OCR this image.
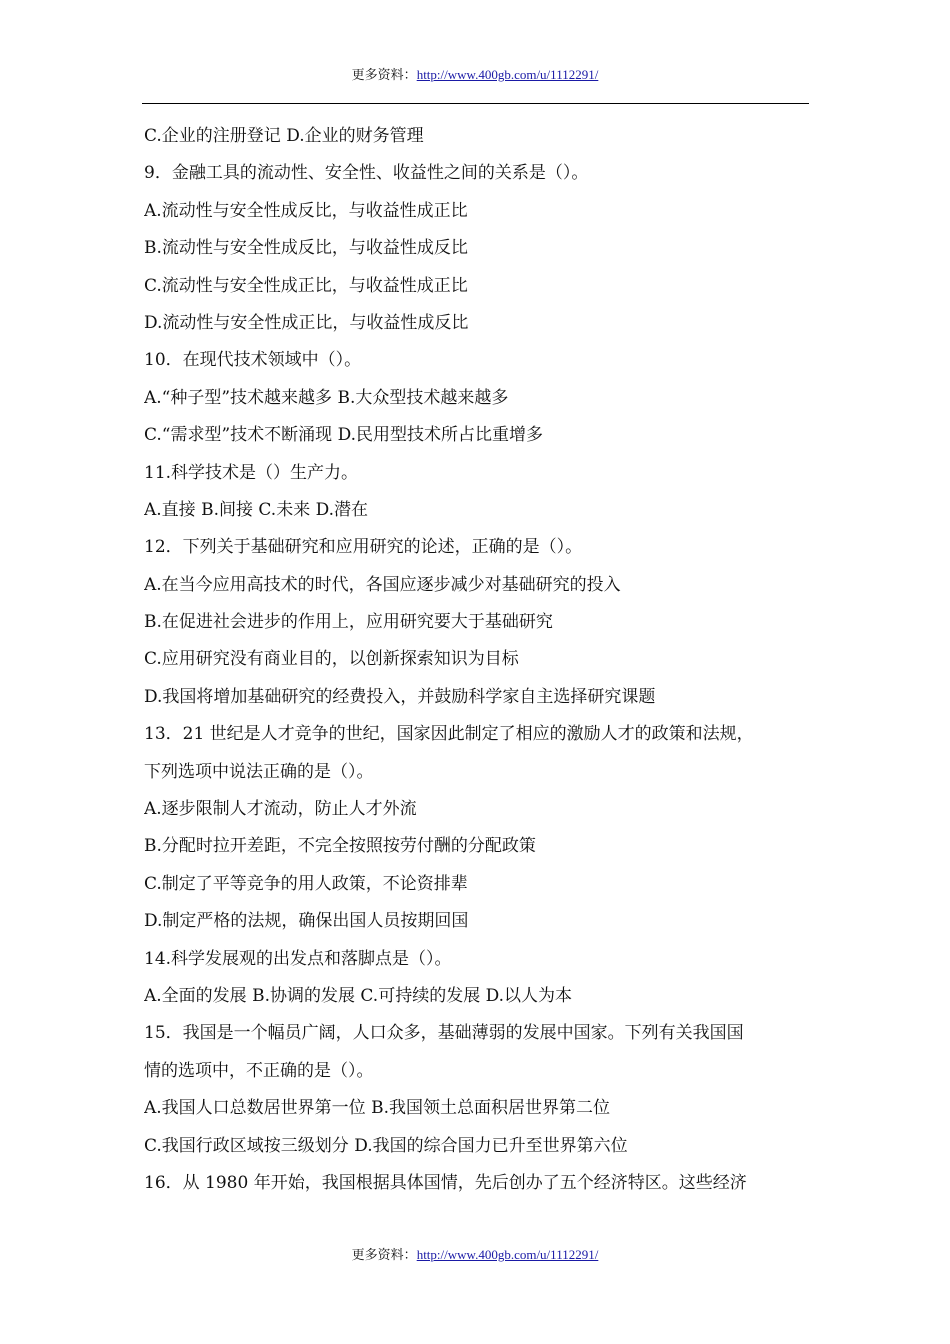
更多资料：http://www.400gb.com/u/1112291/
C.企业的注册登记 D.企业的财务管理
9．金融工具的流动性、安全性、收益性之间的关系是（）。
A.流动性与安全性成反比，与收益性成正比
B.流动性与安全性成反比，与收益性成反比
C.流动性与安全性成正比，与收益性成正比
D.流动性与安全性成正比，与收益性成反比
10．在现代技术领域中（）。
A.“种子型”技术越来越多 B.大众型技术越来越多
C.“需求型”技术不断涌现 D.民用型技术所占比重增多
11.科学技术是（）生产力。
A.直接 B.间接 C.未来 D.潜在
12．下列关于基础研究和应用研究的论述，正确的是（）。
A.在当今应用高技术的时代，各国应逐步减少对基础研究的投入
B.在促进社会进步的作用上，应用研究要大于基础研究
C.应用研究没有商业目的，以创新探索知识为目标
D.我国将增加基础研究的经费投入，并鼓励科学家自主选择研究课题
13．21 世纪是人才竞争的世纪，国家因此制定了相应的激励人才的政策和法规，
下列选项中说法正确的是（）。
A.逐步限制人才流动，防止人才外流
B.分配时拉开差距，不完全按照按劳付酬的分配政策
C.制定了平等竞争的用人政策，不论资排辈
D.制定严格的法规，确保出国人员按期回国
14.科学发展观的出发点和落脚点是（）。
A.全面的发展 B.协调的发展 C.可持续的发展 D.以人为本
15．我国是一个幅员广阔，人口众多，基础薄弱的发展中国家。下列有关我国国
情的选项中，不正确的是（）。
A.我国人口总数居世界第一位 B.我国领土总面积居世界第二位
C.我国行政区域按三级划分 D.我国的综合国力已升至世界第六位
16．从 1980 年开始，我国根据具体国情，先后创办了五个经济特区。这些经济
更多资料：http://www.400gb.com/u/1112291/
